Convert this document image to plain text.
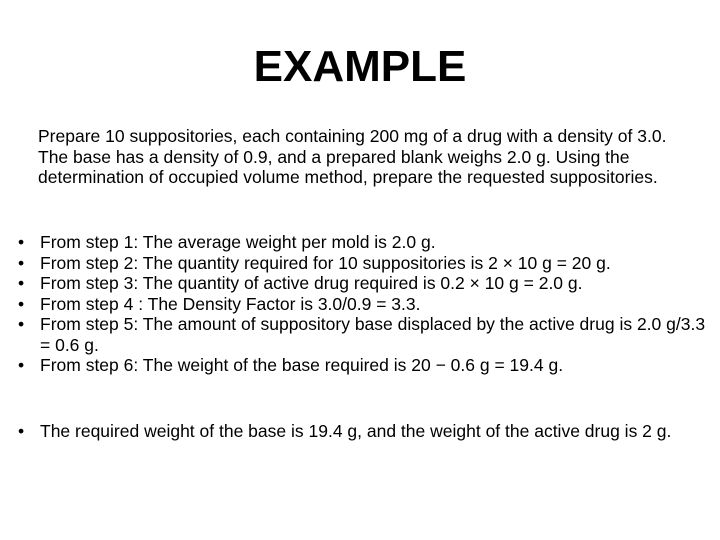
EXAMPLE
Prepare 10 suppositories, each containing 200 mg of a drug with a density of 3.0. The base has a density of 0.9, and a prepared blank weighs 2.0 g. Using the determination of occupied volume method, prepare the requested suppositories.
• From step 1: The average weight per mold is 2.0 g.
• From step 2: The quantity required for 10 suppositories is 2 × 10 g = 20 g.
• From step 3: The quantity of active drug required is 0.2 × 10 g = 2.0 g.
• From step 4 : The Density Factor is 3.0/0.9 = 3.3.
• From step 5: The amount of suppository base displaced by the active drug is 2.0 g/3.3 = 0.6 g.
• From step 6: The weight of the base required is 20 − 0.6 g = 19.4 g.
• The required weight of the base is 19.4 g, and the weight of the active drug is 2 g.
